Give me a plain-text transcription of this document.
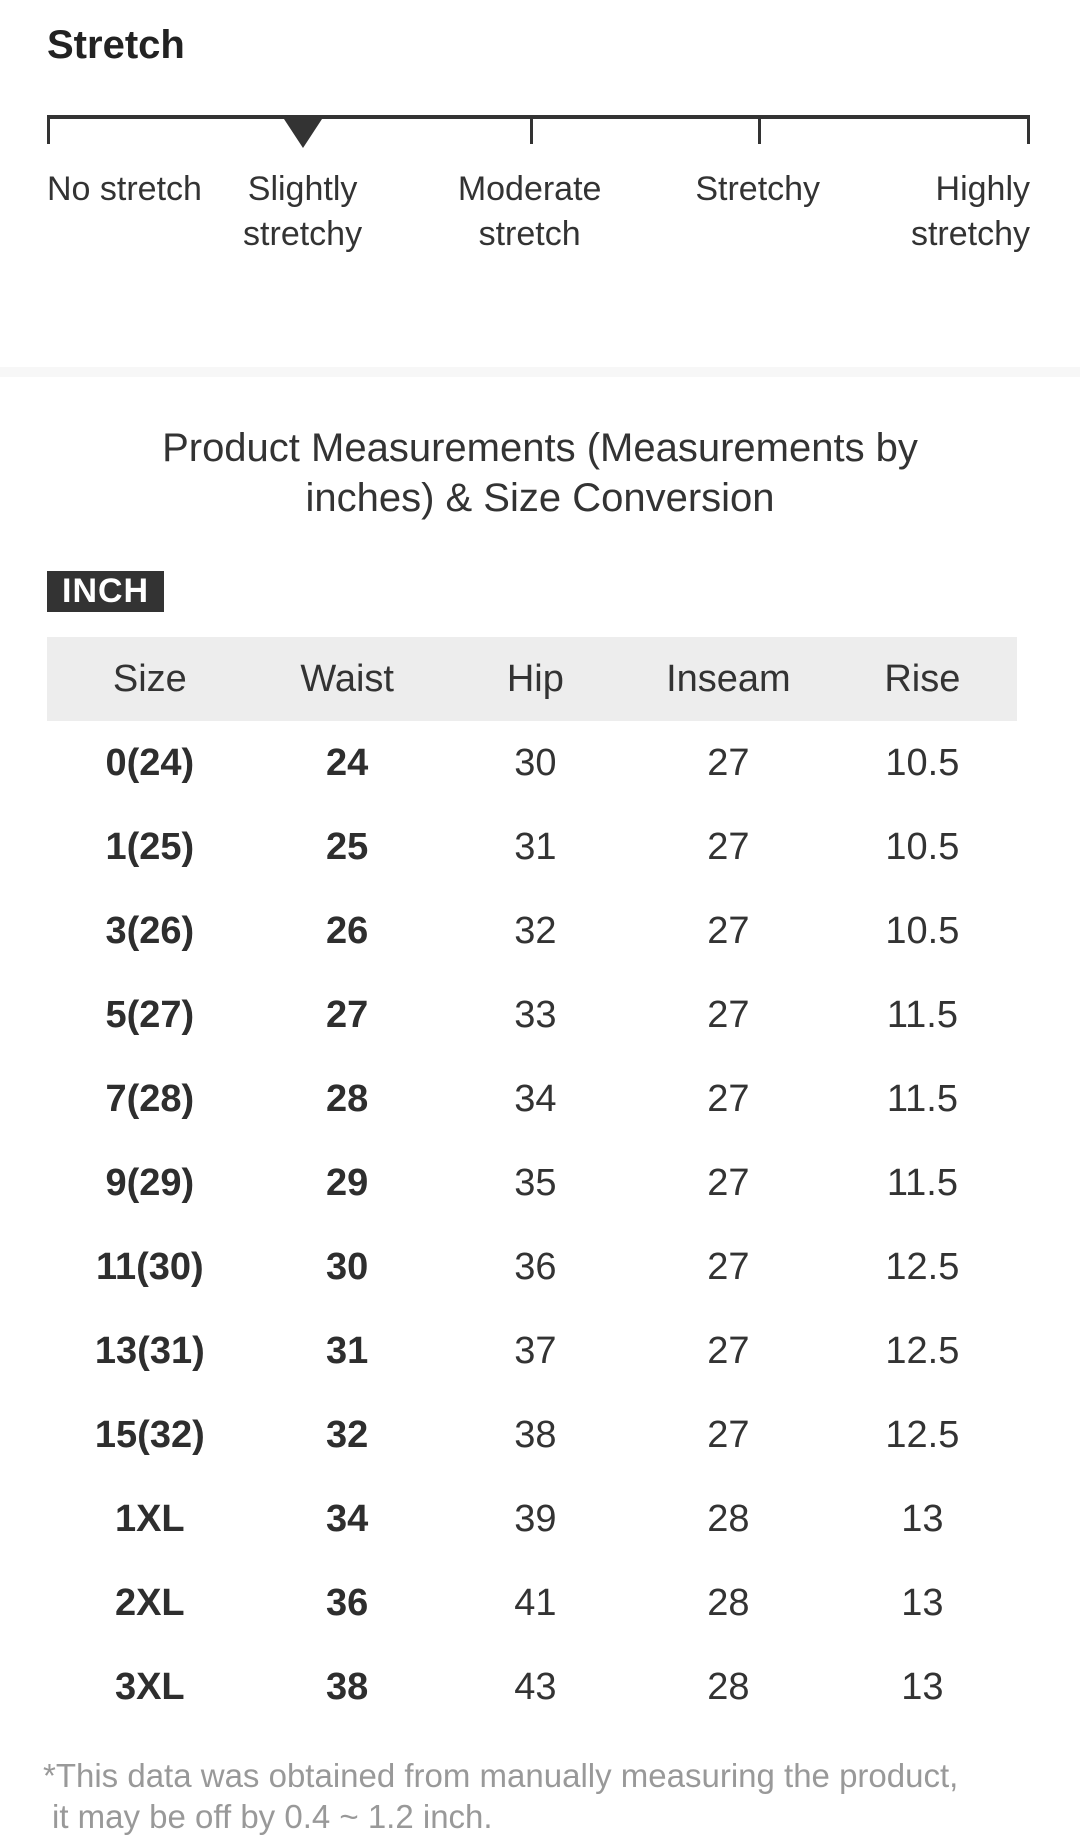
Stretch
No stretch	Slightly stretchy
Moderate stretch
Stretchy	Highly stretchy
Product Measurements (Measurements by
inches) & Size Conversion
INCH
Size	Waist	Hip	Inseam	Rise
0(24)	24	30	27	10.5
1(25)	25	31	27	10.5
3(26)	26	32	27	10.5
5(27)	27	33	27	11.5
7(28)	28	34	27	11.5
9(29)	29	35	27	11.5
11(30)	30	36	27	12.5
13(31)	31	37	27	12.5
15(32)	32	38	27	12.5
1XL	34	39	28	13
2XL	36	41	28	13
3XL	38	43	28	13
*This data was obtained from manually measuring the product,
it may be off by 0.4 ~ 1.2 inch.
